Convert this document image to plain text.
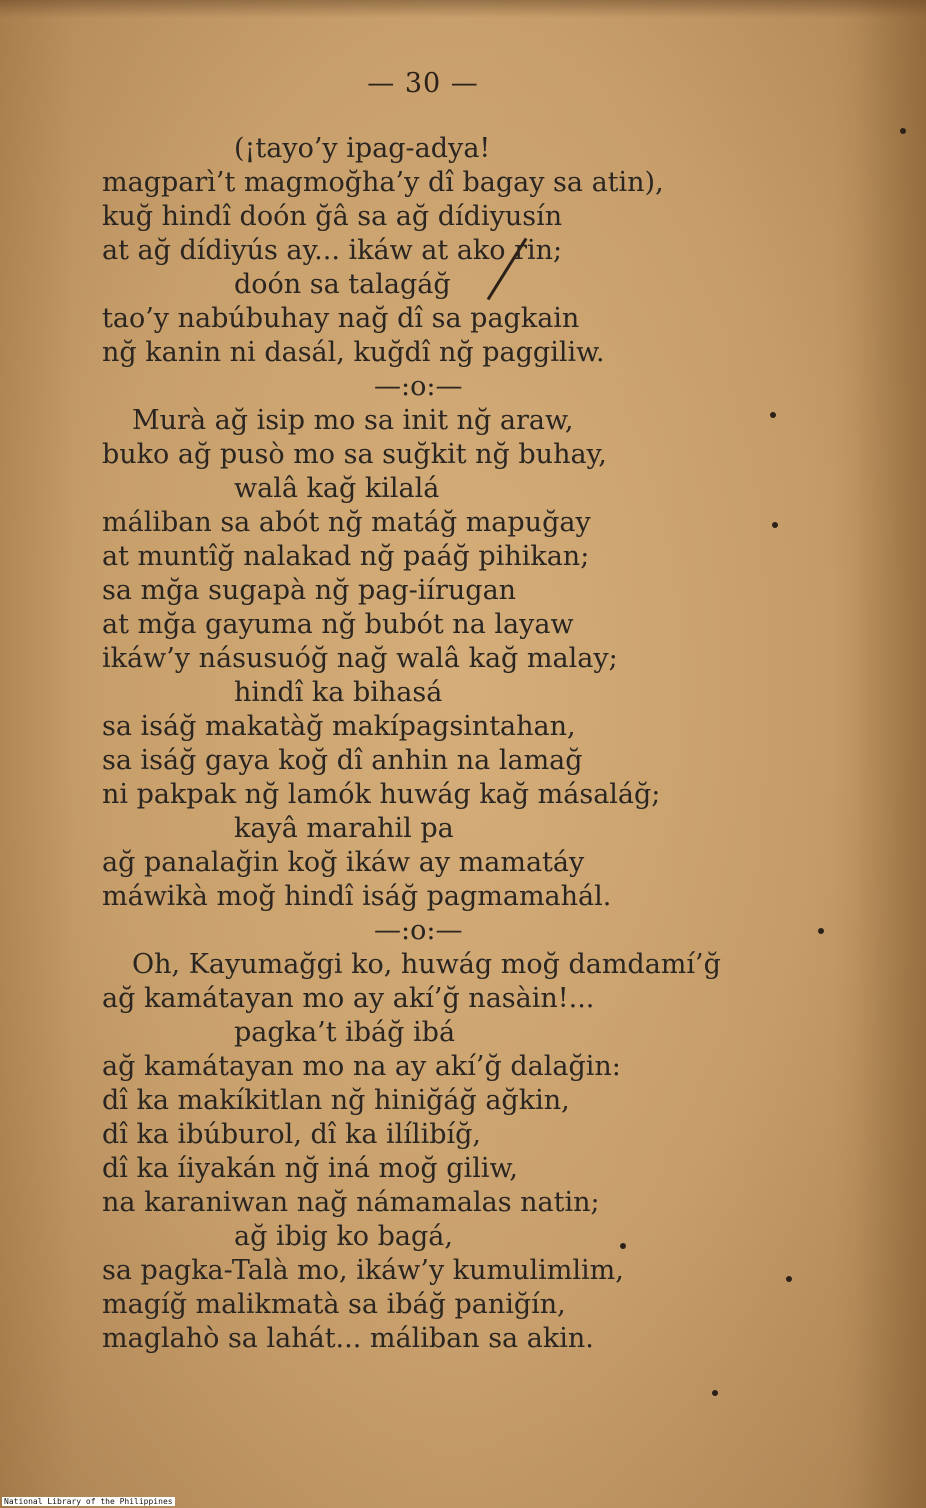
— 30 —
(¡tayo’y ipag-adya!
magparì’t magmoğha’y dî bagay sa atin),
kuğ hindî doón ğâ sa ağ dídiyusín
at ağ dídiyús ay... ikáw at ako rin;
doón sa talagáğ
tao’y nabúbuhay nağ dî sa pagkain
nğ kanin ni dasál, kuğdî nğ paggiliw.
—:o:—
Murà ağ isip mo sa init nğ araw,
buko ağ pusò mo sa suğkit nğ buhay,
walâ kağ kilalá
máliban sa abót nğ matáğ mapuğay
at muntîğ nalakad nğ paáğ pihikan;
sa mğa sugapà nğ pag-iírugan
at mğa gayuma nğ bubót na layaw
ikáw’y násusuóğ nağ walâ kağ malay;
hindî ka bihasá
sa isáğ makatàğ makípagsintahan,
sa isáğ gaya koğ dî anhin na lamağ
ni pakpak nğ lamók huwág kağ másaláğ;
kayâ marahil pa
ağ panalağin koğ ikáw ay mamatáy
máwikà moğ hindî isáğ pagmamahál.
—:o:—
Oh, Kayumağgi ko, huwág moğ damdamí’ğ
ağ kamátayan mo ay akí’ğ nasàin!...
pagka’t ibáğ ibá
ağ kamátayan mo na ay akí’ğ dalağin:
dî ka makíkitlan nğ hiniğáğ ağkin,
dî ka ibúburol, dî ka ilílibíğ,
dî ka íiyakán nğ iná moğ giliw,
na karaniwan nağ námamalas natin;
ağ ibig ko bagá,
sa pagka-Talà mo, ikáw’y kumulimlim,
magíğ malikmatà sa ibáğ paniğín,
maglahò sa lahát... máliban sa akin.
National Library of the Philippines
